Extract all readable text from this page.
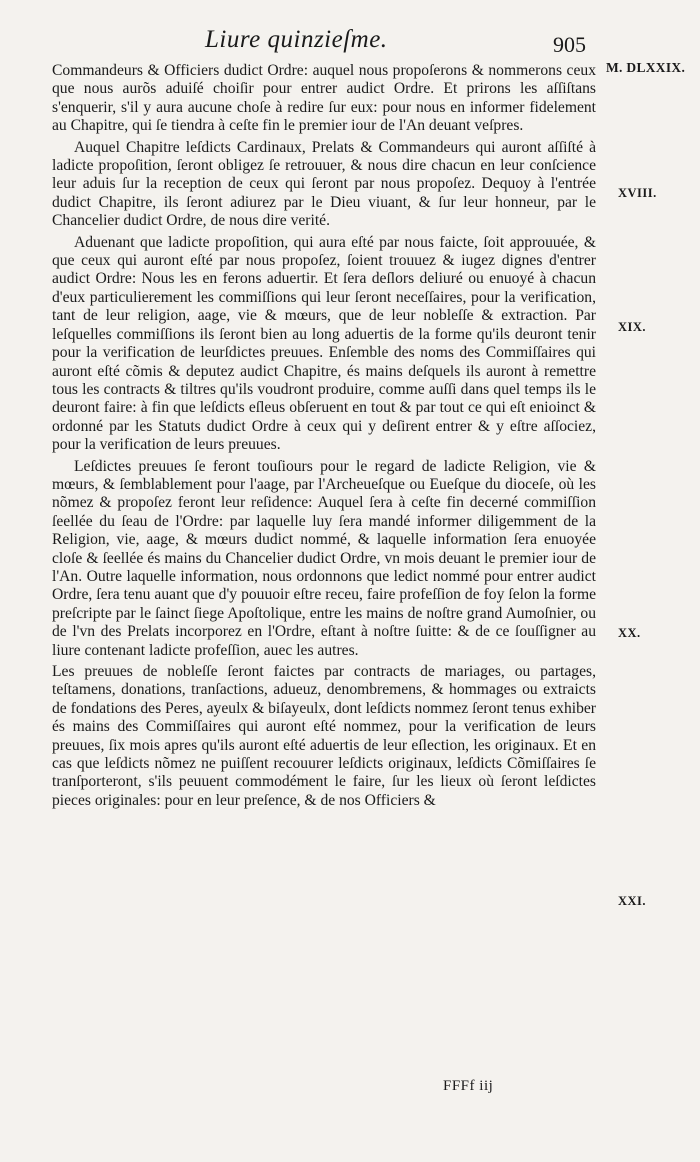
Liure quinzieſme.	905
M. DLXXIX.

Commandeurs & Officiers dudict Ordre: auquel nous propoſerons & nommerons ceux que nous aurõs aduiſé choiſir pour entrer audict Ordre. Et prirons les aſſiſtans s'enquerir, s'il y aura aucune choſe à redire ſur eux: pour nous en informer fidelement au Chapitre, qui ſe tiendra à ceſte fin le premier iour de l'An deuant veſpres.

Auquel Chapitre leſdicts Cardinaux, Prelats & Commandeurs qui auront aſſiſté à ladicte propoſition, ſeront obligez ſe retrouuer, & nous dire chacun en leur conſcience leur aduis ſur la reception de ceux qui ſeront par nous propoſez. Dequoy à l'entrée dudict Chapitre, ils ſeront adiurez par le Dieu viuant, & ſur leur honneur, par le Chancelier dudict Ordre, de nous dire verité.

Aduenant que ladicte propoſition, qui aura eſté par nous faicte, ſoit approuuée, & que ceux qui auront eſté par nous propoſez, ſoient trouuez & iugez dignes d'entrer audict Ordre: Nous les en ferons aduertir. Et ſera deſlors deliuré ou enuoyé à chacun d'eux particulierement les commiſſions qui leur ſeront neceſſaires, pour la verification, tant de leur religion, aage, vie & mœurs, que de leur nobleſſe & extraction. Par leſquelles commiſſions ils ſeront bien au long aduertis de la forme qu'ils deuront tenir pour la verification de leurſdictes preuues. Enſemble des noms des Commiſſaires qui auront eſté cõmis & deputez audict Chapitre, és mains deſquels ils auront à remettre tous les contracts & tiltres qu'ils voudront produire, comme auſſi dans quel temps ils le deuront faire: à fin que leſdicts eſleus obſeruent en tout & par tout ce qui eſt enioinct & ordonné par les Statuts dudict Ordre à ceux qui y deſirent entrer & y eſtre aſſociez, pour la verification de leurs preuues.

Leſdictes preuues ſe feront touſiours pour le regard de ladicte Religion, vie & mœurs, & ſemblablement pour l'aage, par l'Archeueſque ou Eueſque du dioceſe, où les nõmez & propoſez feront leur reſidence: Auquel ſera à ceſte fin decerné commiſſion ſeellée du ſeau de l'Ordre: par laquelle luy ſera mandé informer diligemment de la Religion, vie, aage, & mœurs dudict nommé, & laquelle information ſera enuoyée cloſe & ſeellée és mains du Chancelier dudict Ordre, vn mois deuant le premier iour de l'An. Outre laquelle information, nous ordonnons que ledict nommé pour entrer audict Ordre, ſera tenu auant que d'y pouuoir eſtre receu, faire profeſſion de foy ſelon la forme preſcripte par le ſainct ſiege Apoſtolique, entre les mains de noſtre grand Aumoſnier, ou de l'vn des Prelats incorporez en l'Ordre, eſtant à noſtre ſuitte: & de ce ſouſſigner au liure contenant ladicte profeſſion, auec les autres.

Les preuues de nobleſſe ſeront faictes par contracts de mariages, ou partages, teſtamens, donations, tranſactions, adueuz, denombremens, & hommages ou extraicts de fondations des Peres, ayeulx & biſayeulx, dont leſdicts nommez ſeront tenus exhiber és mains des Commiſſaires qui auront eſté nommez, pour la verification de leurs preuues, ſix mois apres qu'ils auront eſté aduertis de leur eſlection, les originaux. Et en cas que leſdicts nõmez ne puiſſent recouurer leſdicts originaux, leſdicts Cõmiſſaires ſe tranſporteront, s'ils peuuent commodément le faire, ſur les lieux où ſeront leſdictes pieces originales: pour en leur preſence, & de nos Officiers &

XVIII.
XIX.
XX.
XXI.
FFFf iij
